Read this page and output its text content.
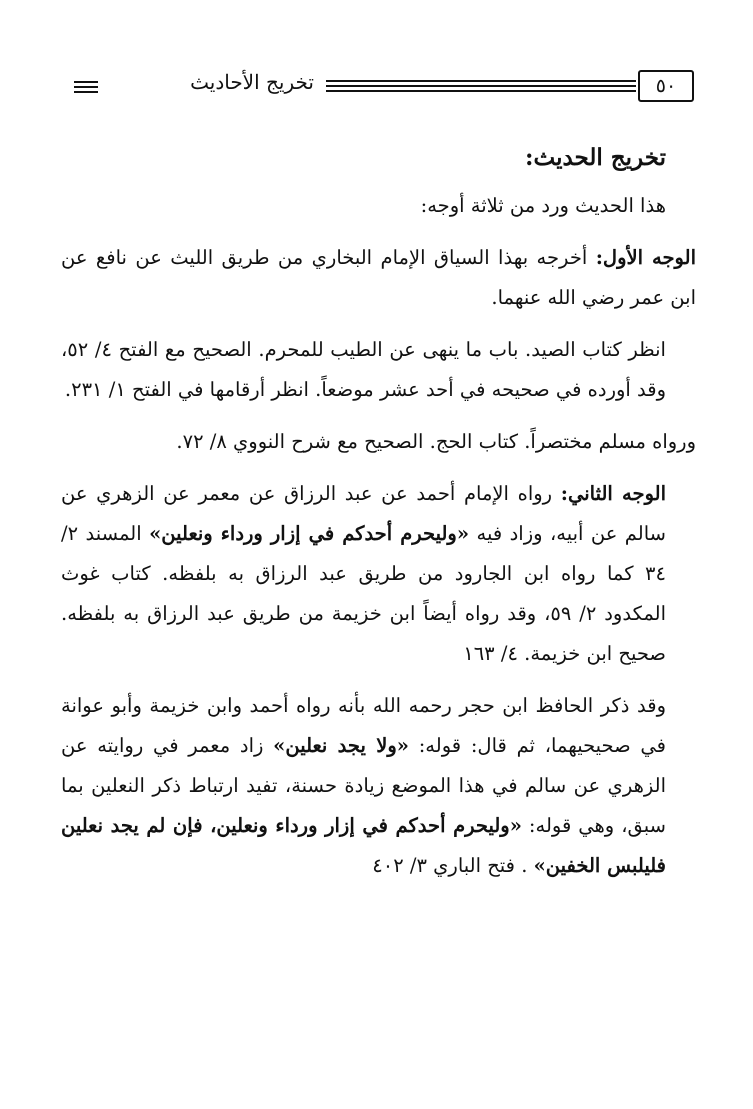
٥٠
تخريج الأحاديث
تخريج الحديث:

هذا الحديث ورد من ثلاثة أوجه:

الوجه الأول: أخرجه بهذا السياق الإمام البخاري من طريق الليث عن نافع عن ابن عمر رضي الله عنهما.

انظر كتاب الصيد. باب ما ينهى عن الطيب للمحرم. الصحيح مع الفتح ٤/ ٥٢، وقد أورده في صحيحه في أحد عشر موضعاً. انظر أرقامها في الفتح ١/ ٢٣١.

ورواه مسلم مختصراً. كتاب الحج. الصحيح مع شرح النووي ٨/ ٧٢.

الوجه الثاني: رواه الإمام أحمد عن عبد الرزاق عن معمر عن الزهري عن سالم عن أبيه، وزاد فيه «وليحرم أحدكم في إزار ورداء ونعلين» المسند ٢/ ٣٤ كما رواه ابن الجارود من طريق عبد الرزاق به بلفظه. كتاب غوث المكدود ٢/ ٥٩، وقد رواه أيضاً ابن خزيمة من طريق عبد الرزاق به بلفظه. صحيح ابن خزيمة. ٤/ ١٦٣

وقد ذكر الحافظ ابن حجر رحمه الله بأنه رواه أحمد وابن خزيمة وأبو عوانة في صحيحيهما، ثم قال: قوله: «ولا يجد نعلين» زاد معمر في روايته عن الزهري عن سالم في هذا الموضع زيادة حسنة، تفيد ارتباط ذكر النعلين بما سبق، وهي قوله: «وليحرم أحدكم في إزار ورداء ونعلين، فإن لم يجد نعلين فليلبس الخفين» . فتح الباري ٣/ ٤٠٢
